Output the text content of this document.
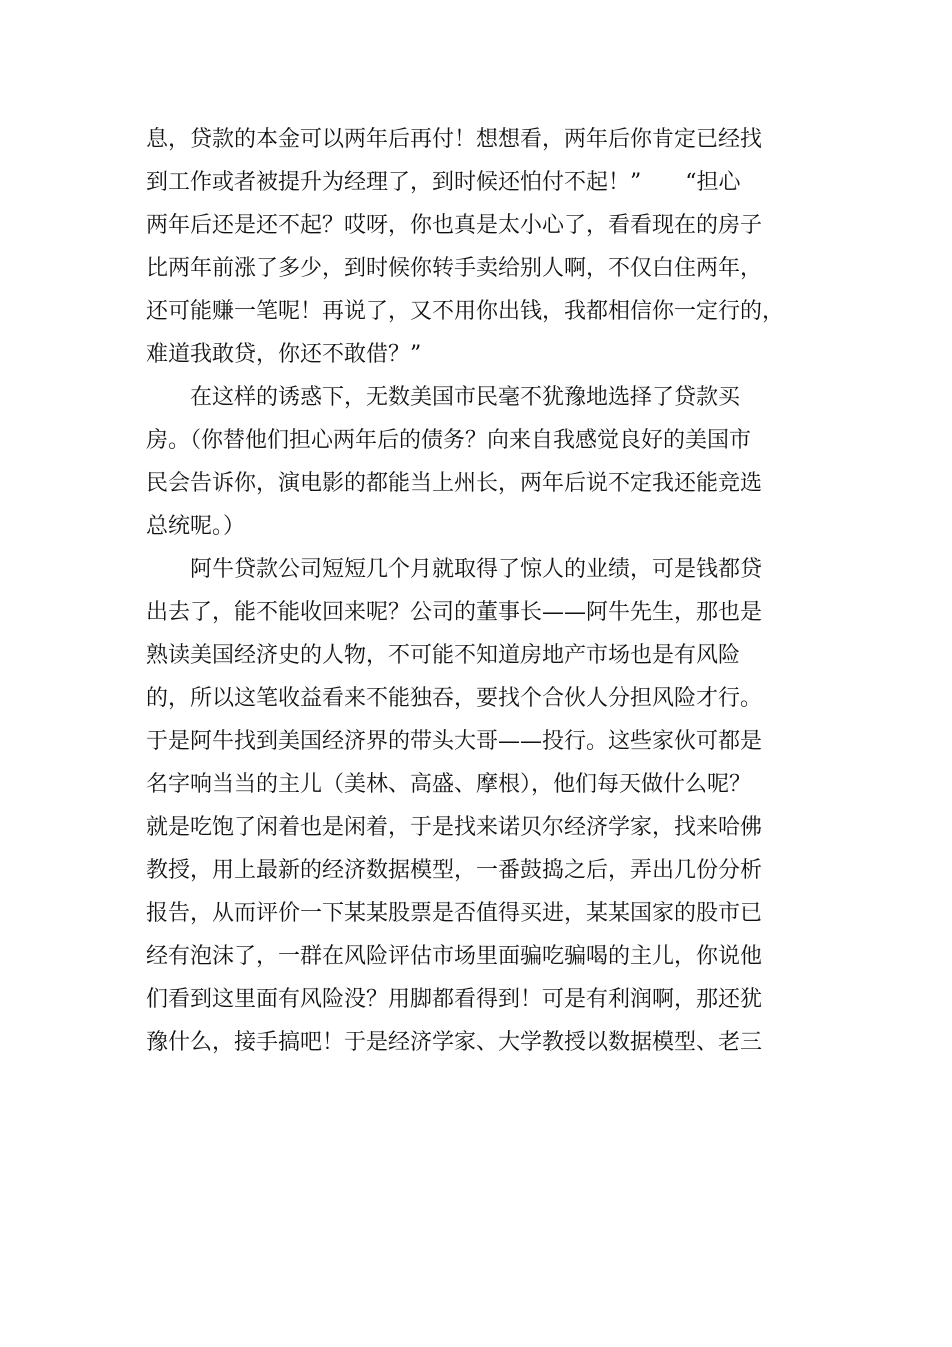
息，贷款的本金可以两年后再付！想想看，两年后你肯定已经找
到工作或者被提升为经理了，到时候还怕付不起！”　　“担心
两年后还是还不起？哎呀，你也真是太小心了，看看现在的房子
比两年前涨了多少，到时候你转手卖给别人啊，不仅白住两年，
还可能赚一笔呢！再说了，又不用你出钱，我都相信你一定行的，
难道我敢贷，你还不敢借？”
在这样的诱惑下，无数美国市民毫不犹豫地选择了贷款买
房。（你替他们担心两年后的债务？向来自我感觉良好的美国市
民会告诉你，演电影的都能当上州长，两年后说不定我还能竞选
总统呢。）
阿牛贷款公司短短几个月就取得了惊人的业绩，可是钱都贷
出去了，能不能收回来呢？公司的董事长——阿牛先生，那也是
熟读美国经济史的人物，不可能不知道房地产市场也是有风险
的，所以这笔收益看来不能独吞，要找个合伙人分担风险才行。
于是阿牛找到美国经济界的带头大哥——投行。这些家伙可都是
名字响当当的主儿（美林、高盛、摩根），他们每天做什么呢？
就是吃饱了闲着也是闲着，于是找来诺贝尔经济学家，找来哈佛
教授，用上最新的经济数据模型，一番鼓捣之后，弄出几份分析
报告，从而评价一下某某股票是否值得买进，某某国家的股市已
经有泡沫了，一群在风险评估市场里面骗吃骗喝的主儿，你说他
们看到这里面有风险没？用脚都看得到！可是有利润啊，那还犹
豫什么，接手搞吧！于是经济学家、大学教授以数据模型、老三
